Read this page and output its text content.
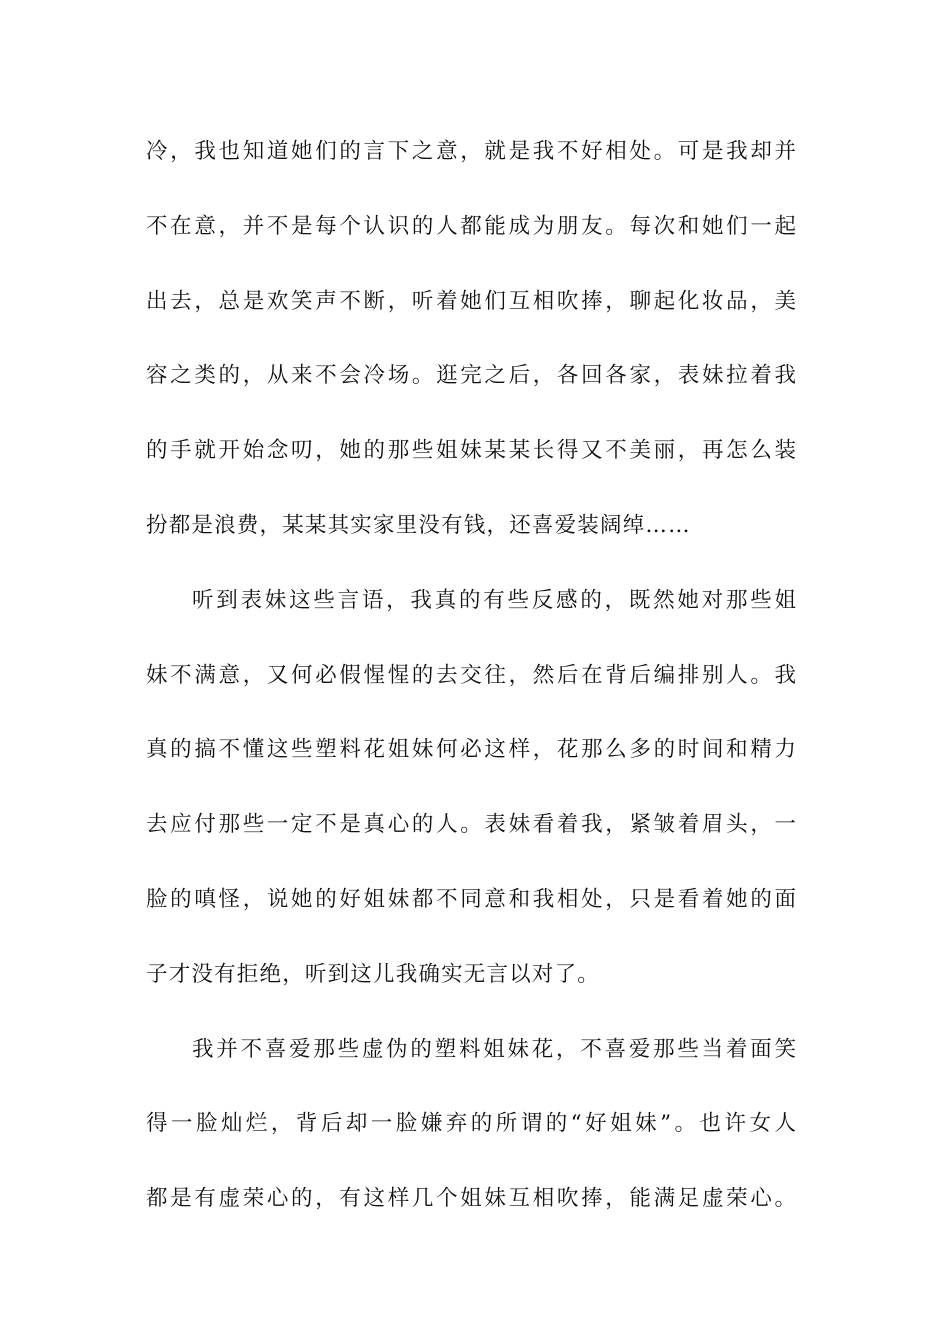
冷，我也知道她们的言下之意，就是我不好相处。可是我却并
不在意，并不是每个认识的人都能成为朋友。每次和她们一起
出去，总是欢笑声不断，听着她们互相吹捧，聊起化妆品，美
容之类的，从来不会冷场。逛完之后，各回各家，表妹拉着我
的手就开始念叨，她的那些姐妹某某长得又不美丽，再怎么装
扮都是浪费，某某其实家里没有钱，还喜爱装阔绰……
听到表妹这些言语，我真的有些反感的，既然她对那些姐
妹不满意，又何必假惺惺的去交往，然后在背后编排别人。我
真的搞不懂这些塑料花姐妹何必这样，花那么多的时间和精力
去应付那些一定不是真心的人。表妹看着我，紧皱着眉头，一
脸的嗔怪，说她的好姐妹都不同意和我相处，只是看着她的面
子才没有拒绝，听到这儿我确实无言以对了。
我并不喜爱那些虚伪的塑料姐妹花，不喜爱那些当着面笑
得一脸灿烂，背后却一脸嫌弃的所谓的“好姐妹”。也许女人
都是有虚荣心的，有这样几个姐妹互相吹捧，能满足虚荣心。
